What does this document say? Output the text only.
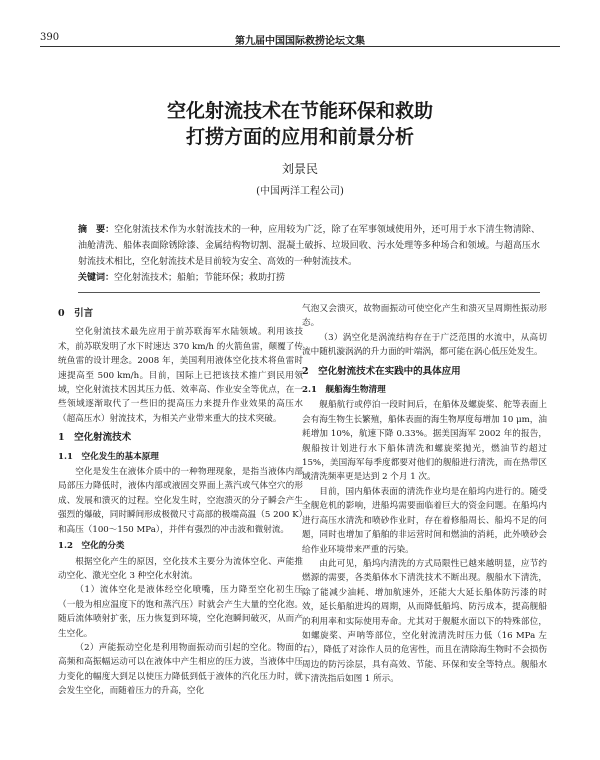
390	第九届中国国际救捞论坛文集
空化射流技术在节能环保和救助
打捞方面的应用和前景分析
刘景民
(中国两洋工程公司)
摘　要：空化射流技术作为水射流技术的一种，应用较为广泛，除了在军事领域使用外，还可用于水下清生物清除、油舱清洗、船体表面除锈除漆、金属结构物切割、混凝土破拆、垃圾回收、污水处理等多种场合和领域。与超高压水射流技术相比，空化射流技术是目前较为安全、高效的一种射流技术。
关键词：空化射流技术；船舶；节能环保；救助打捞
0　引言

空化射流技术最先应用于前苏联海军水陆领域。利用该技术，前苏联发明了水下时速达 370 km/h 的火箭鱼雷，颠覆了传统鱼雷的设计理念。2008 年，美国利用液体空化技术将鱼雷时速提高至 500 km/h。目前，国际上已把该技术推广到民用领域，空化射流技术因其压力低、效率高、作业安全等优点，在一些领域逐渐取代了一些旧的提高压力来提升作业效果的高压水（超高压水）射流技术，为相关产业带来重大的技术突破。

1　空化射流技术
1.1　空化发生的基本原理

空化是发生在液体介质中的一种物理现象，是指当液体内部局部压力降低时，液体内部或液固交界面上蒸汽或气体空穴的形成、发展和溃灭的过程。空化发生时，空泡溃灭的分子瞬会产生强烈的爆破，同时瞬间形成极微尺寸高部的极端高温（5 200 K）和高压（100～150 MPa），并伴有强烈的冲击波和微射流。

1.2　空化的分类

根据空化产生的原因，空化技术主要分为流体空化、声能推动空化、激光空化 3 种空化水射流。

（1）流体空化是液体经空化喷嘴，压力降至空化初生压（一般为相应温度下的饱和蒸汽压）时就会产生大量的空化泡。随后流体喷射扩张，压力恢复到环境，空化泡瞬间破灭，从而产生空化。

（2）声能振动空化是利用物面振动而引起的空化。物面的高频和高振幅运动可以在液体中产生相应的压力波，当液体中压力变化的幅度大到足以使压力降低到低于液体的汽化压力时，就会发生空化，而随着压力的升高，空化

气泡又会溃灭，故物面振动可使空化产生和溃灭呈周期性振动形态。

（3）涡空化是涡流结构存在于广泛范围的水流中，从高切流中随机漩涡涡的升力面的叶端涡，都可能在涡心低压处发生。

2　空化射流技术在实践中的具体应用
2.1　舰船海生物清理

舰船航行或停泊一段时间后，在船体及螺旋桨、舵等表面上会有海生物生长繁殖，船体表面的海生物厚度每增加 10 μm，油耗增加 10%，航速下降 0.33%。据美国海军 2002 年的报告，舰船按计划进行水下船体清洗和螺旋桨抛光，燃油节约超过 15%，美国海军每季度都要对他们的舰船进行清洗，而在热带区域清洗频率更是达到 2 个月 1 次。

目前，国内船体表面的清洗作业均是在船坞内进行的。随受全舰危机的影响，进船坞需要面临着巨大的资金问题。在船坞内进行高压水清洗和喷砂作业时，存在着修船周长、船坞不足的问题，同时也增加了船舶的非运营时间和燃油的消耗，此外喷砂会给作业环境带来严重的污染。

由此可见，船坞内清洗的方式局限性已越来越明显，应节约燃源的需要，各类船体水下清洗技术不断出现。舰船水下清洗，除了能减少油耗、增加航速外，还能大大延长船体防污漆的时效，延长船舶进坞的周期，从而降低船坞、防污成本，提高舰船的利用率和实际使用寿命。尤其对于舰艇水面以下的特殊部位，如螺旋桨、声呐等部位，空化射流清洗时压力低（16 MPa 左右），降低了对涂作人员的危害性，而且在清除海生物时不会损伤周边的防污涂层，具有高效、节能、环保和安全等特点。舰船水下清洗指后如图 1 所示。
